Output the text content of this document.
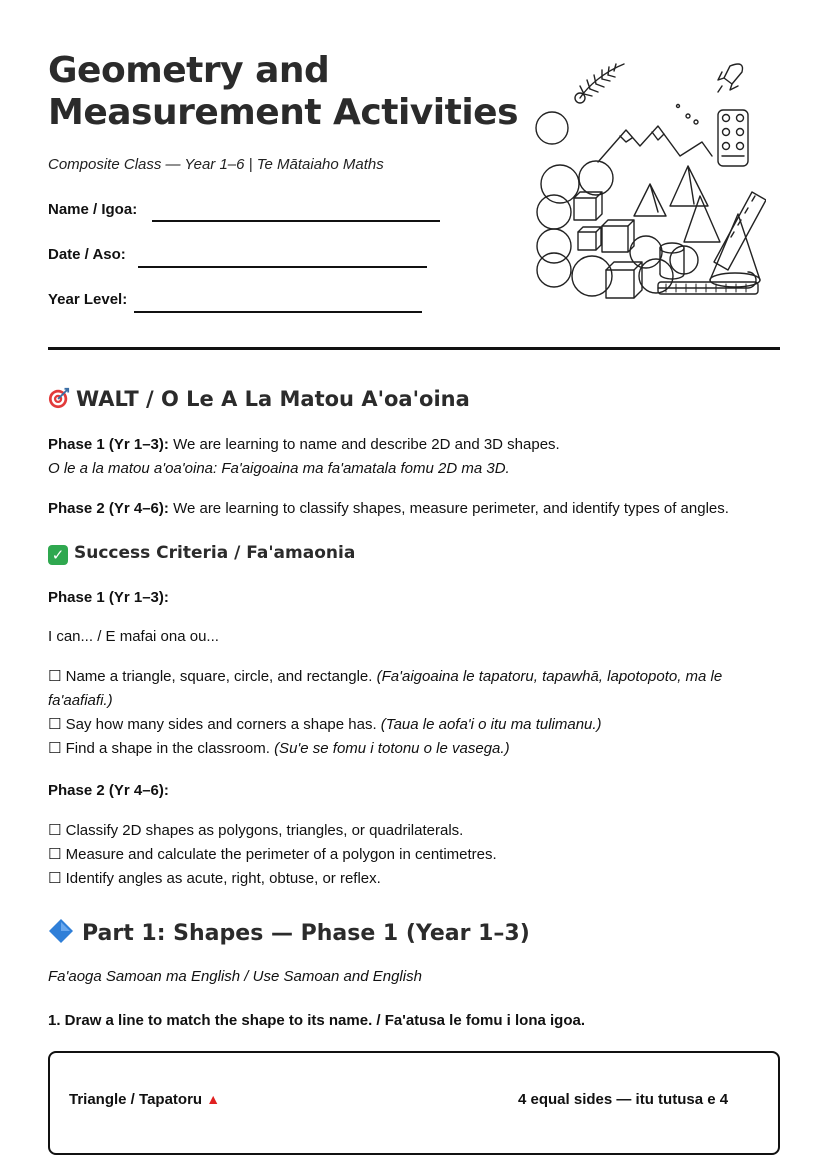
Geometry and Measurement Activities
Composite Class — Year 1–6 | Te Mātaiaho Maths
Name / Igoa:
Date / Aso:
Year Level:
WALT / O Le A La Matou A'oa'oina
Phase 1 (Yr 1–3): We are learning to name and describe 2D and 3D shapes.
O le a la matou a'oa'oina: Fa'aigoaina ma fa'amatala fomu 2D ma 3D.
Phase 2 (Yr 4–6): We are learning to classify shapes, measure perimeter, and identify types of angles.
✓ Success Criteria / Fa'amaonia
Phase 1 (Yr 1–3):
I can... / E mafai ona ou...
☐ Name a triangle, square, circle, and rectangle. (Fa'aigoaina le tapatoru, tapawhā, lapotopoto, ma le fa'aafiafi.)
☐ Say how many sides and corners a shape has. (Taua le aofa'i o itu ma tulimanu.)
☐ Find a shape in the classroom. (Su'e se fomu i totonu o le vasega.)
Phase 2 (Yr 4–6):
☐ Classify 2D shapes as polygons, triangles, or quadrilaterals.
☐ Measure and calculate the perimeter of a polygon in centimetres.
☐ Identify angles as acute, right, obtuse, or reflex.
Part 1: Shapes — Phase 1 (Year 1–3)
Fa'aoga Samoan ma English / Use Samoan and English
1. Draw a line to match the shape to its name. / Fa'atusa le fomu i lona igoa.
Triangle / Tapatoru ▲	4 equal sides — itu tutusa e 4
